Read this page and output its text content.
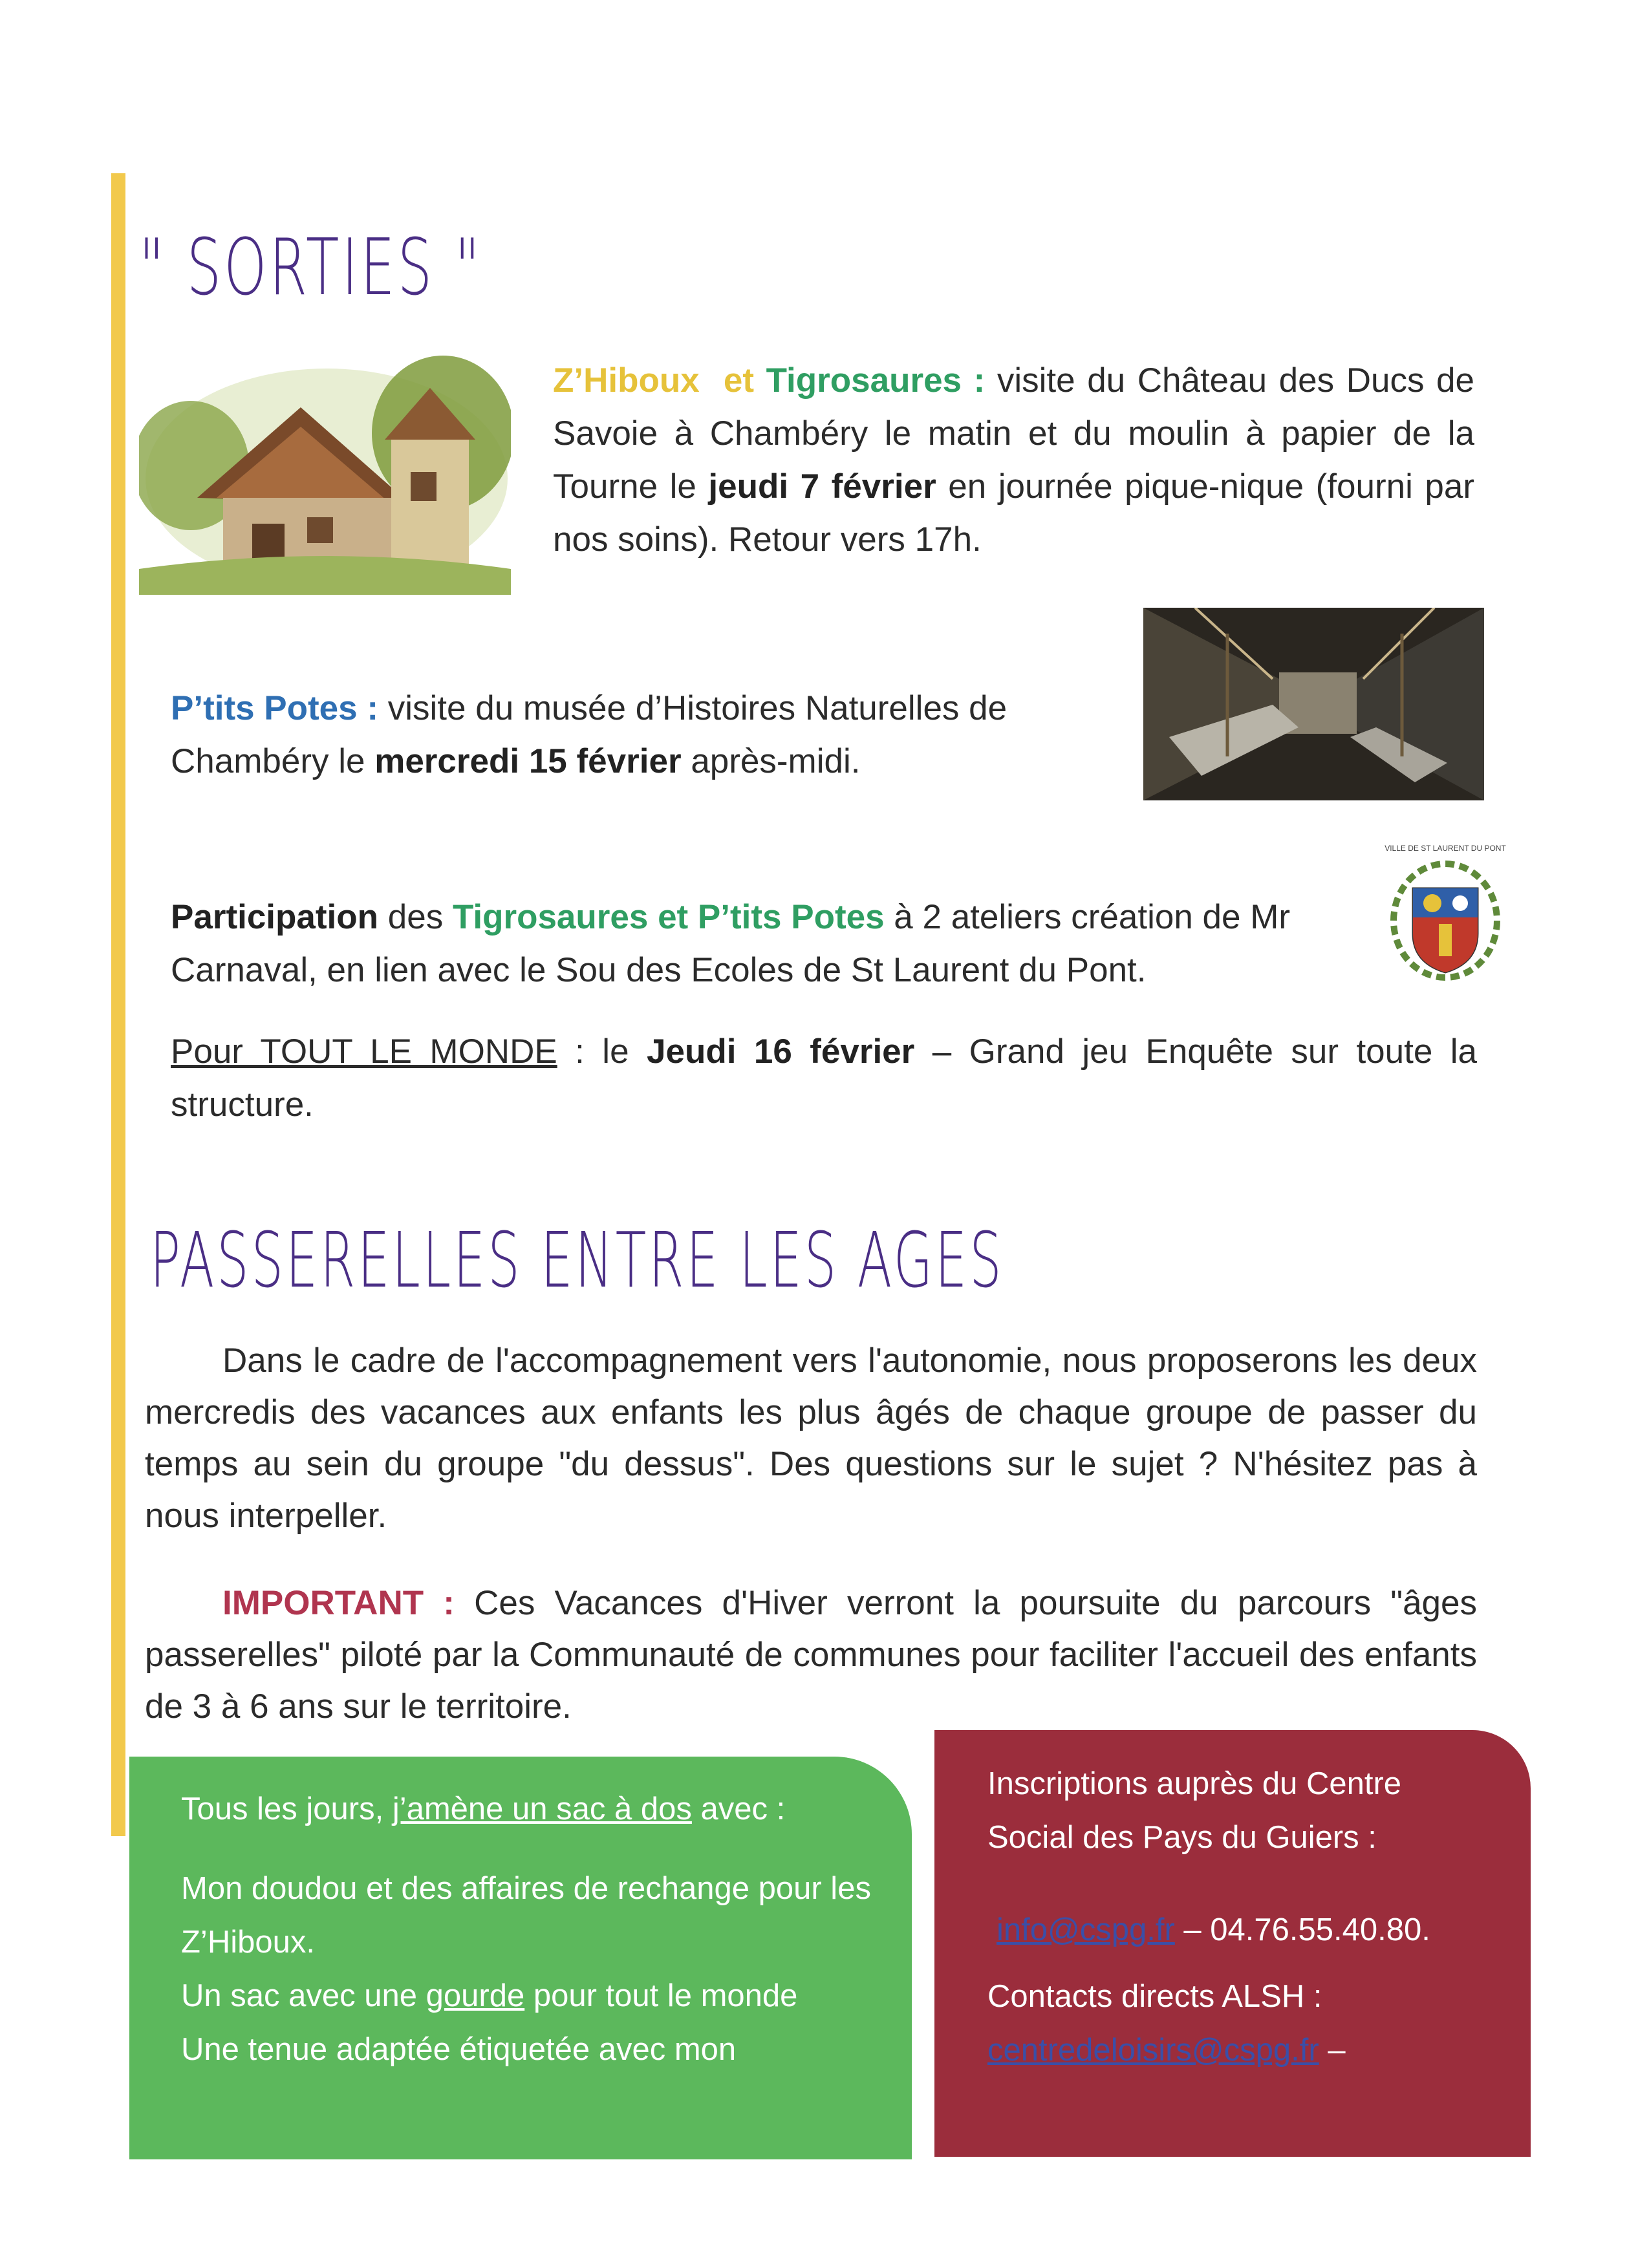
" SORTIES "

Z’Hiboux et Tigrosaures : visite du Château des Ducs de Savoie à Chambéry le matin et du moulin à papier de la Tourne le jeudi 7 février en journée pique-nique (fourni par nos soins). Retour vers 17h.

P’tits Potes : visite du musée d’Histoires Naturelles de Chambéry le mercredi 15 février après-midi.

VILLE DE ST LAURENT DU PONT

Participation des Tigrosaures et P’tits Potes à 2 ateliers création de Mr Carnaval, en lien avec le Sou des Ecoles de St Laurent du Pont.

Pour TOUT LE MONDE : le Jeudi 16 février – Grand jeu Enquête sur toute la structure.

PASSERELLES ENTRE LES AGES

Dans le cadre de l'accompagnement vers l'autonomie, nous proposerons les deux mercredis des vacances aux enfants les plus âgés de chaque groupe de passer du temps au sein du groupe "du dessus". Des questions sur le sujet ? N'hésitez pas à nous interpeller.

IMPORTANT : Ces Vacances d'Hiver verront la poursuite du parcours "âges passerelles" piloté par la Communauté de communes pour faciliter l'accueil des enfants de 3 à 6 ans sur le territoire.

Tous les jours, j’amène un sac à dos avec :

Mon doudou et des affaires de rechange pour les Z’Hiboux.

Un sac avec une gourde pour tout le monde

Une tenue adaptée étiquetée avec mon

Inscriptions auprès du Centre Social des Pays du Guiers :

info@cspg.fr – 04.76.55.40.80.

Contacts directs ALSH :

centredeloisirs@cspg.fr –
